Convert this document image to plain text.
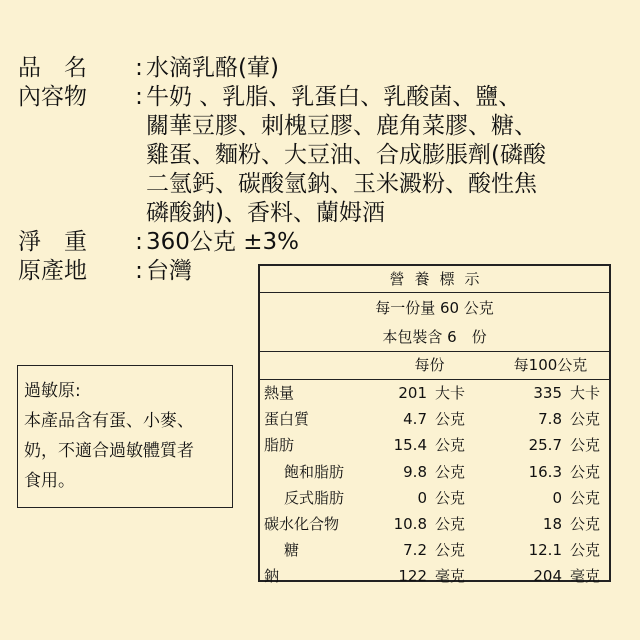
品　名	: 水滴乳酪(葷)
內容物	: 牛奶 、乳脂、乳蛋白、乳酸菌、鹽、
關華豆膠、刺槐豆膠、鹿角菜膠、糖、
雞蛋、麵粉、大豆油、合成膨脹劑(磷酸
二氫鈣、碳酸氫鈉、玉米澱粉、酸性焦
磷酸鈉)、香料、蘭姆酒
淨　重	: 360公克 ±3%
原產地	: 台灣
過敏原:
本產品含有蛋、小麥、
奶，不適合過敏體質者
食用。
營養標示
每一份量 60 公克
本包裝含 6　份
每份	每100公克
熱量	201 大卡	335 大卡
蛋白質	4.7 公克	7.8 公克
脂肪	15.4 公克	25.7 公克
飽和脂肪	9.8 公克	16.3 公克
反式脂肪	0 公克	0 公克
碳水化合物	10.8 公克	18 公克
糖	7.2 公克	12.1 公克
鈉	122 毫克	204 毫克
